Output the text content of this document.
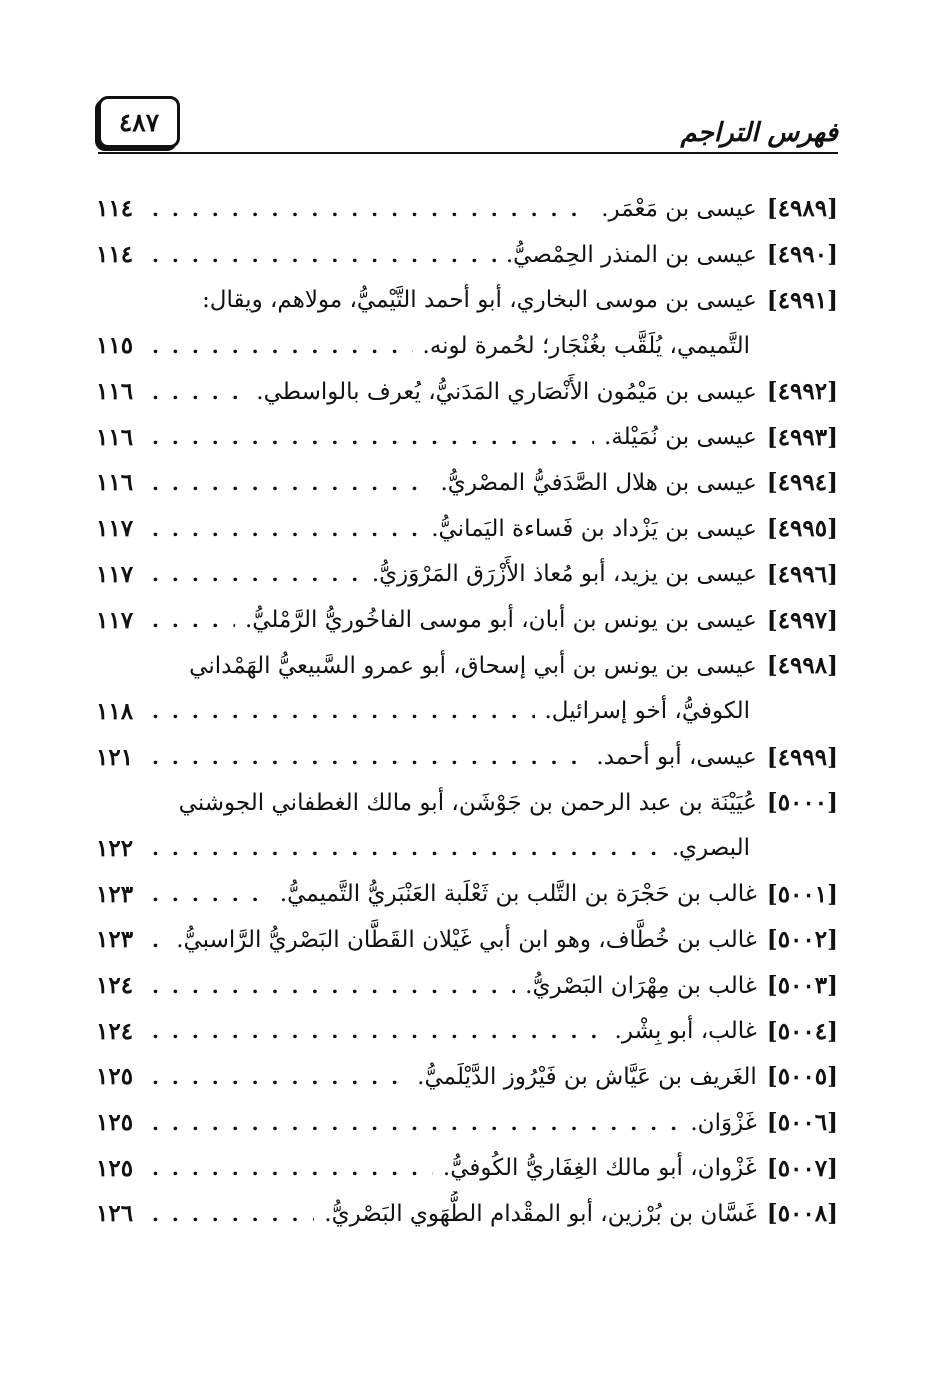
فهرس التراجم
٤٨٧
[٤٩٨٩]
عيسى بن مَعْمَر.
. . .
١١٤
[٤٩٩٠]
عيسى بن المنذر الحِمْصيُّ.
. . .
١١٤
[٤٩٩١]
عيسى بن موسى البخاري، أبو أحمد التَّيْميُّ، مولاهم، ويقال:
التَّميمي، يُلَقَّب بغُنْجَار؛ لحُمرة لونه.
. . .
١١٥
[٤٩٩٢]
عيسى بن مَيْمُون الأَنْصَاري المَدَنيُّ، يُعرف بالواسطي.
. . .
١١٦
[٤٩٩٣]
عيسى بن نُمَيْلة.
. . .
١١٦
[٤٩٩٤]
عيسى بن هلال الصَّدَفيُّ المصْريُّ.
. . .
١١٦
[٤٩٩٥]
عيسى بن يَزْداد بن فَساءة اليَمانيُّ.
. . .
١١٧
[٤٩٩٦]
عيسى بن يزيد، أبو مُعاذ الأَزْرَق المَرْوَزيُّ.
. . .
١١٧
[٤٩٩٧]
عيسى بن يونس بن أبان، أبو موسى الفاخُوريُّ الرَّمْليُّ.
. . .
١١٧
[٤٩٩٨]
عيسى بن يونس بن أبي إسحاق، أبو عمرو السَّبيعيُّ الهَمْداني
الكوفيُّ، أخو إسرائيل.
. . .
١١٨
[٤٩٩٩]
عيسى، أبو أحمد.
. . .
١٢١
[٥٠٠٠]
عُيَيْنَة بن عبد الرحمن بن جَوْشَن، أبو مالك الغطفاني الجوشني
البصري.
. . .
١٢٢
[٥٠٠١]
غالب بن حَجْرَة بن التَّلب بن ثَعْلَبة العَنْبَريُّ التَّميميُّ.
. . .
١٢٣
[٥٠٠٢]
غالب بن خُطَّاف، وهو ابن أبي غَيْلان القَطَّان البَصْريُّ الرَّاسبيُّ.
. . .
١٢٣
[٥٠٠٣]
غالب بن مِهْرَان البَصْريُّ.
. . .
١٢٤
[٥٠٠٤]
غالب، أبو بِشْر.
. . .
١٢٤
[٥٠٠٥]
الغَريف بن عَيَّاش بن فَيْرُوز الدَّيْلَميُّ.
. . .
١٢٥
[٥٠٠٦]
غَزْوَان.
. . .
١٢٥
[٥٠٠٧]
غَزْوان، أبو مالك الغِفَاريُّ الكُوفيُّ.
. . .
١٢٥
[٥٠٠٨]
غَسَّان بن بُرْزين، أبو المقْدام الطُّهَوي البَصْريُّ.
. . .
١٢٦
